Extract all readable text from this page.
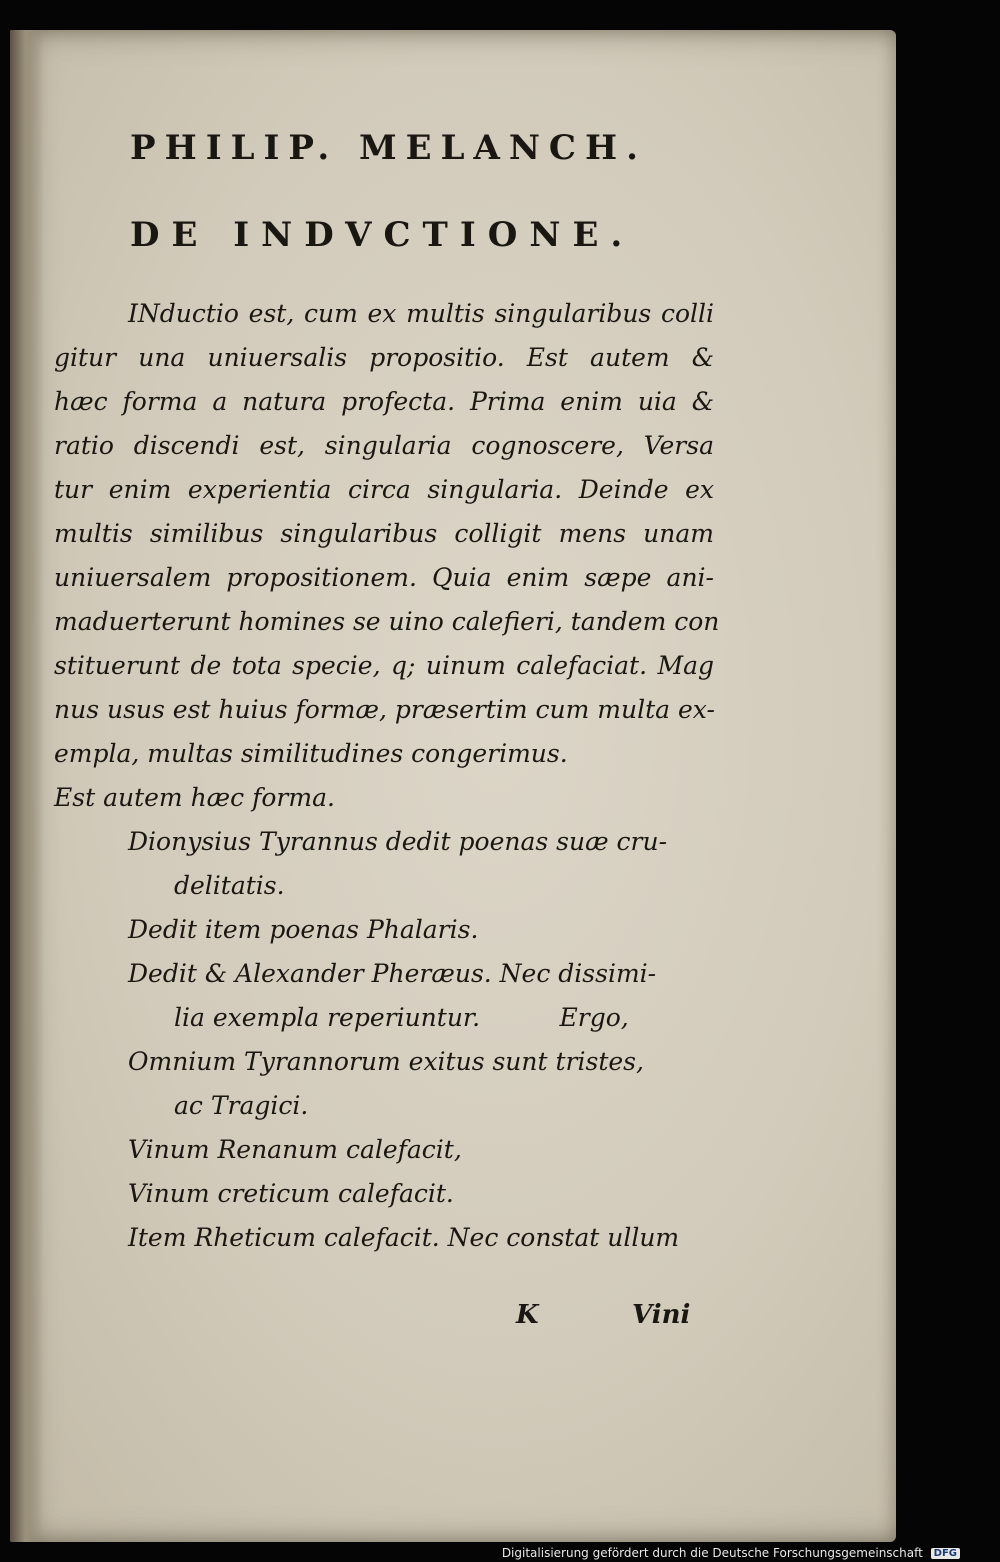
PHILIP. MELANCH.
DE INDVCTIONE.
INductio est, cum ex multis singularibus colli
gitur una uniuersalis propositio. Est autem &
hæc forma a natura profecta. Prima enim uia &
ratio discendi est, singularia cognoscere, Versa
tur enim experientia circa singularia. Deinde ex
multis similibus singularibus colligit mens unam
uniuersalem propositionem. Quia enim sæpe ani-
maduerterunt homines se uino calefieri, tandem con
stituerunt de tota specie, q; uinum calefaciat. Mag
nus usus est huius formæ, præsertim cum multa ex-
empla, multas similitudines congerimus.
Est autem hæc forma.
Dionysius Tyrannus dedit poenas suæ cru-
delitatis.
Dedit item poenas Phalaris.
Dedit & Alexander Pheræus. Nec dissimi-
lia exempla reperiuntur.          Ergo,
Omnium Tyrannorum exitus sunt tristes,
ac Tragici.
Vinum Renanum calefacit,
Vinum creticum calefacit.
Item Rheticum calefacit. Nec constat ullum
K	Vini
Digitalisierung gefördert durch die Deutsche Forschungsgemeinschaft DFG
